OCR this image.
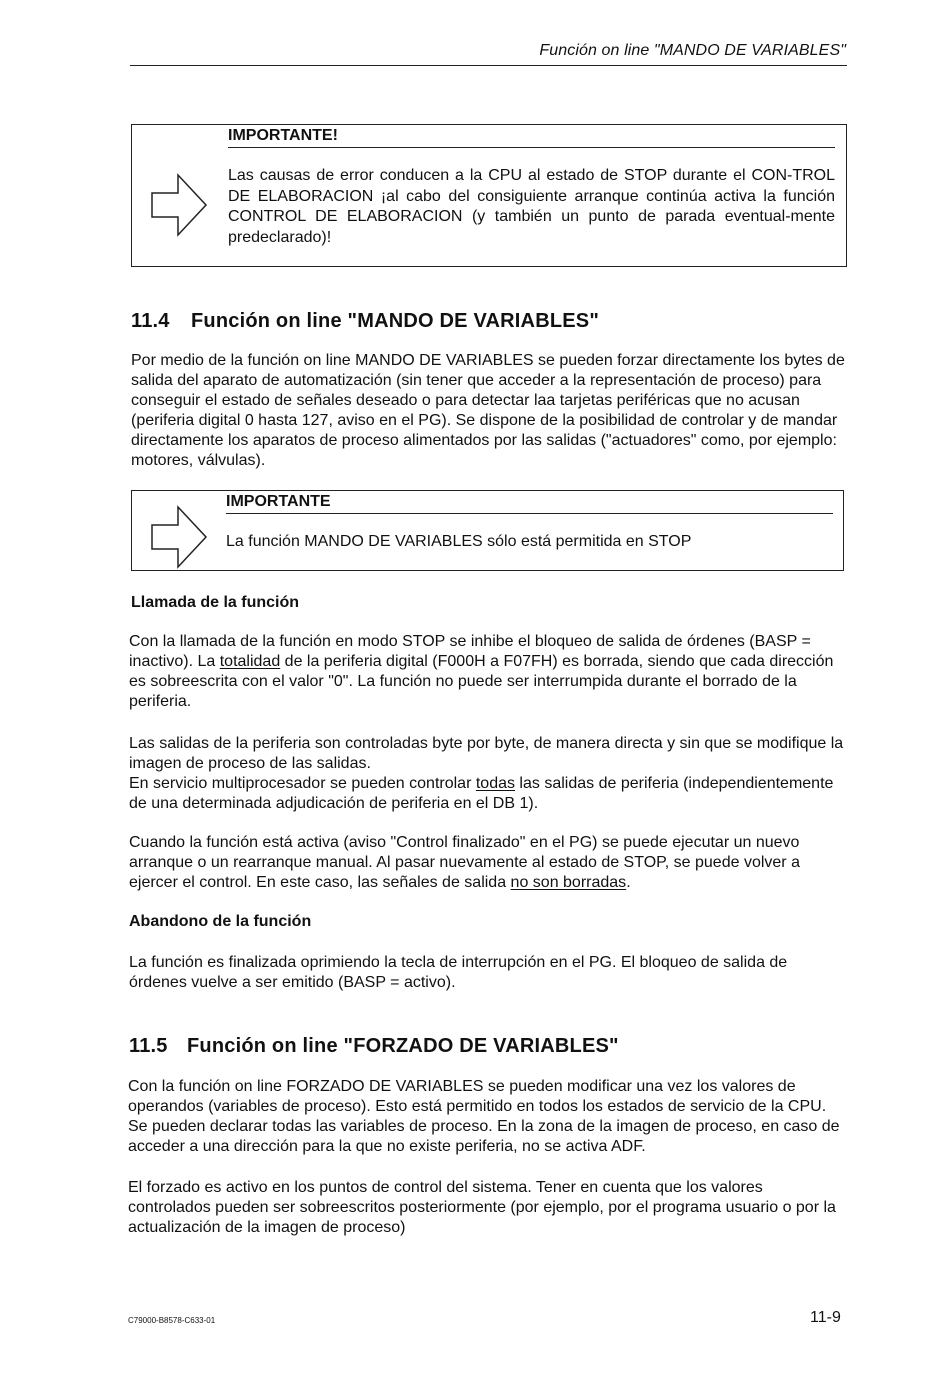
Función on line "MANDO DE VARIABLES"
IMPORTANTE!
Las causas de error conducen a la CPU al estado de STOP durante el CON-TROL DE ELABORACION ¡al cabo del consiguiente arranque continúa activa la función CONTROL DE ELABORACION (y también un punto de parada eventual-mente predeclarado)!
11.4 Función on line "MANDO DE VARIABLES"
Por medio de la función on line MANDO DE VARIABLES se pueden forzar directamente los bytes de salida del aparato de automatización (sin tener que acceder a la representación de proceso) para conseguir el estado de señales deseado o para detectar laa tarjetas periféricas que no acusan (periferia digital 0 hasta 127, aviso en el PG). Se dispone de la posibilidad de controlar y de mandar directamente los aparatos de proceso alimentados por las salidas ("actuadores" como, por ejemplo: motores, válvulas).
IMPORTANTE
La función MANDO DE VARIABLES sólo está permitida en STOP
Llamada de la función
Con la llamada de la función en modo STOP se inhibe el bloqueo de salida de órdenes (BASP = inactivo). La totalidad de la periferia digital (F000H a F07FH) es borrada, siendo que cada dirección es sobreescrita con el valor "0". La función no puede ser interrumpida durante el borrado de la periferia.
Las salidas de la periferia son controladas byte por byte, de manera directa y sin que se modifique la imagen de proceso de las salidas.
En servicio multiprocesador se pueden controlar todas las salidas de periferia (independientemente de una determinada adjudicación de periferia en el DB 1).
Cuando la función está activa (aviso "Control finalizado" en el PG) se puede ejecutar un nuevo arranque o un rearranque manual. Al pasar nuevamente al estado de STOP, se puede volver a ejercer el control. En este caso, las señales de salida no son borradas.
Abandono de la función
La función es finalizada oprimiendo la tecla de interrupción en el PG. El bloqueo de salida de órdenes vuelve a ser emitido (BASP = activo).
11.5 Función on line "FORZADO DE VARIABLES"
Con la función on line FORZADO DE VARIABLES se pueden modificar una vez los valores de operandos (variables de proceso). Esto está permitido en todos los estados de servicio de la CPU. Se pueden declarar todas las variables de proceso. En la zona de la imagen de proceso, en caso de acceder a una dirección para la que no existe periferia, no se activa ADF.
El forzado es activo en los puntos de control del sistema. Tener en cuenta que los valores controlados pueden ser sobreescritos posteriormente (por ejemplo, por el programa usuario o por la actualización de la imagen de proceso)
C79000-B8578-C633-01	11-9
